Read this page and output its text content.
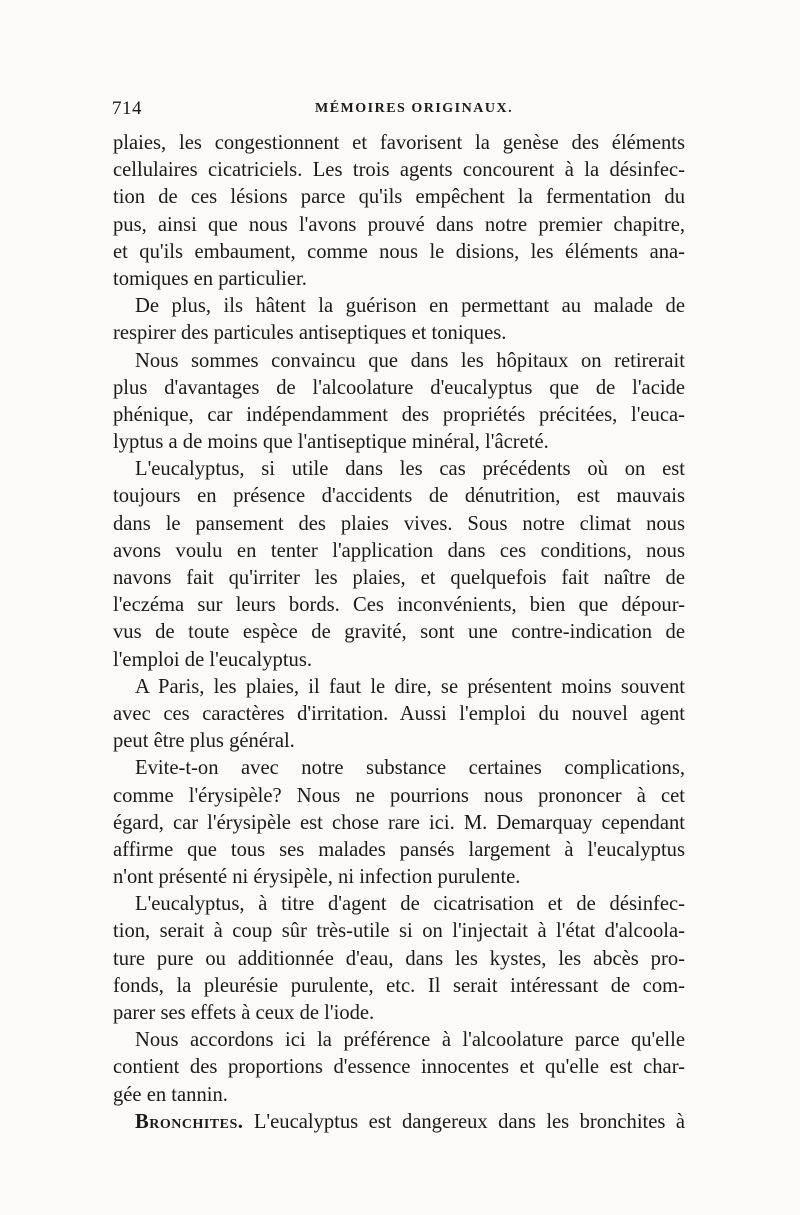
714	MÉMOIRES ORIGINAUX.
plaies, les congestionnent et favorisent la genèse des éléments
cellulaires cicatriciels. Les trois agents concourent à la désinfec-
tion de ces lésions parce qu'ils empêchent la fermentation du
pus, ainsi que nous l'avons prouvé dans notre premier chapitre,
et qu'ils embaument, comme nous le disions, les éléments ana-
tomiques en particulier.
De plus, ils hâtent la guérison en permettant au malade de
respirer des particules antiseptiques et toniques.
Nous sommes convaincu que dans les hôpitaux on retirerait
plus d'avantages de l'alcoolature d'eucalyptus que de l'acide
phénique, car indépendamment des propriétés précitées, l'euca-
lyptus a de moins que l'antiseptique minéral, l'âcreté.
L'eucalyptus, si utile dans les cas précédents où on est
toujours en présence d'accidents de dénutrition, est mauvais
dans le pansement des plaies vives. Sous notre climat nous
avons voulu en tenter l'application dans ces conditions, nous
navons fait qu'irriter les plaies, et quelquefois fait naître de
l'eczéma sur leurs bords. Ces inconvénients, bien que dépour-
vus de toute espèce de gravité, sont une contre-indication de
l'emploi de l'eucalyptus.
A Paris, les plaies, il faut le dire, se présentent moins souvent
avec ces caractères d'irritation. Aussi l'emploi du nouvel agent
peut être plus général.
Evite-t-on avec notre substance certaines complications,
comme l'érysipèle? Nous ne pourrions nous prononcer à cet
égard, car l'érysipèle est chose rare ici. M. Demarquay cependant
affirme que tous ses malades pansés largement à l'eucalyptus
n'ont présenté ni érysipèle, ni infection purulente.
L'eucalyptus, à titre d'agent de cicatrisation et de désinfec-
tion, serait à coup sûr très-utile si on l'injectait à l'état d'alcoola-
ture pure ou additionnée d'eau, dans les kystes, les abcès pro-
fonds, la pleurésie purulente, etc. Il serait intéressant de com-
parer ses effets à ceux de l'iode.
Nous accordons ici la préférence à l'alcoolature parce qu'elle
contient des proportions d'essence innocentes et qu'elle est char-
gée en tannin.
Bronchites. L'eucalyptus est dangereux dans les bronchites à
